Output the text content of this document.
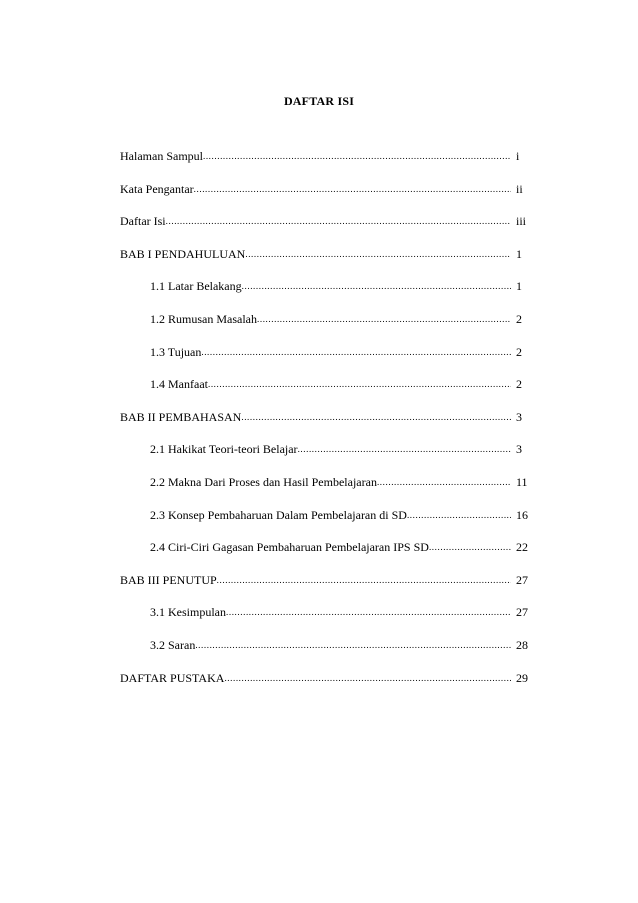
DAFTAR ISI
Halaman Sampul .....	i
Kata Pengantar .....	ii
Daftar Isi .....	iii
BAB I PENDAHULUAN .....	1
1.1 Latar Belakang .....	1
1.2 Rumusan Masalah .....	2
1.3 Tujuan .....	2
1.4 Manfaat .....	2
BAB II PEMBAHASAN .....	3
2.1 Hakikat Teori-teori Belajar .....	3
2.2 Makna Dari Proses dan Hasil Pembelajaran .....	11
2.3 Konsep Pembaharuan Dalam Pembelajaran di SD .....	16
2.4 Ciri-Ciri Gagasan Pembaharuan Pembelajaran IPS SD .....	22
BAB III PENUTUP .....	27
3.1 Kesimpulan .....	27
3.2 Saran .....	28
DAFTAR PUSTAKA .....	29
